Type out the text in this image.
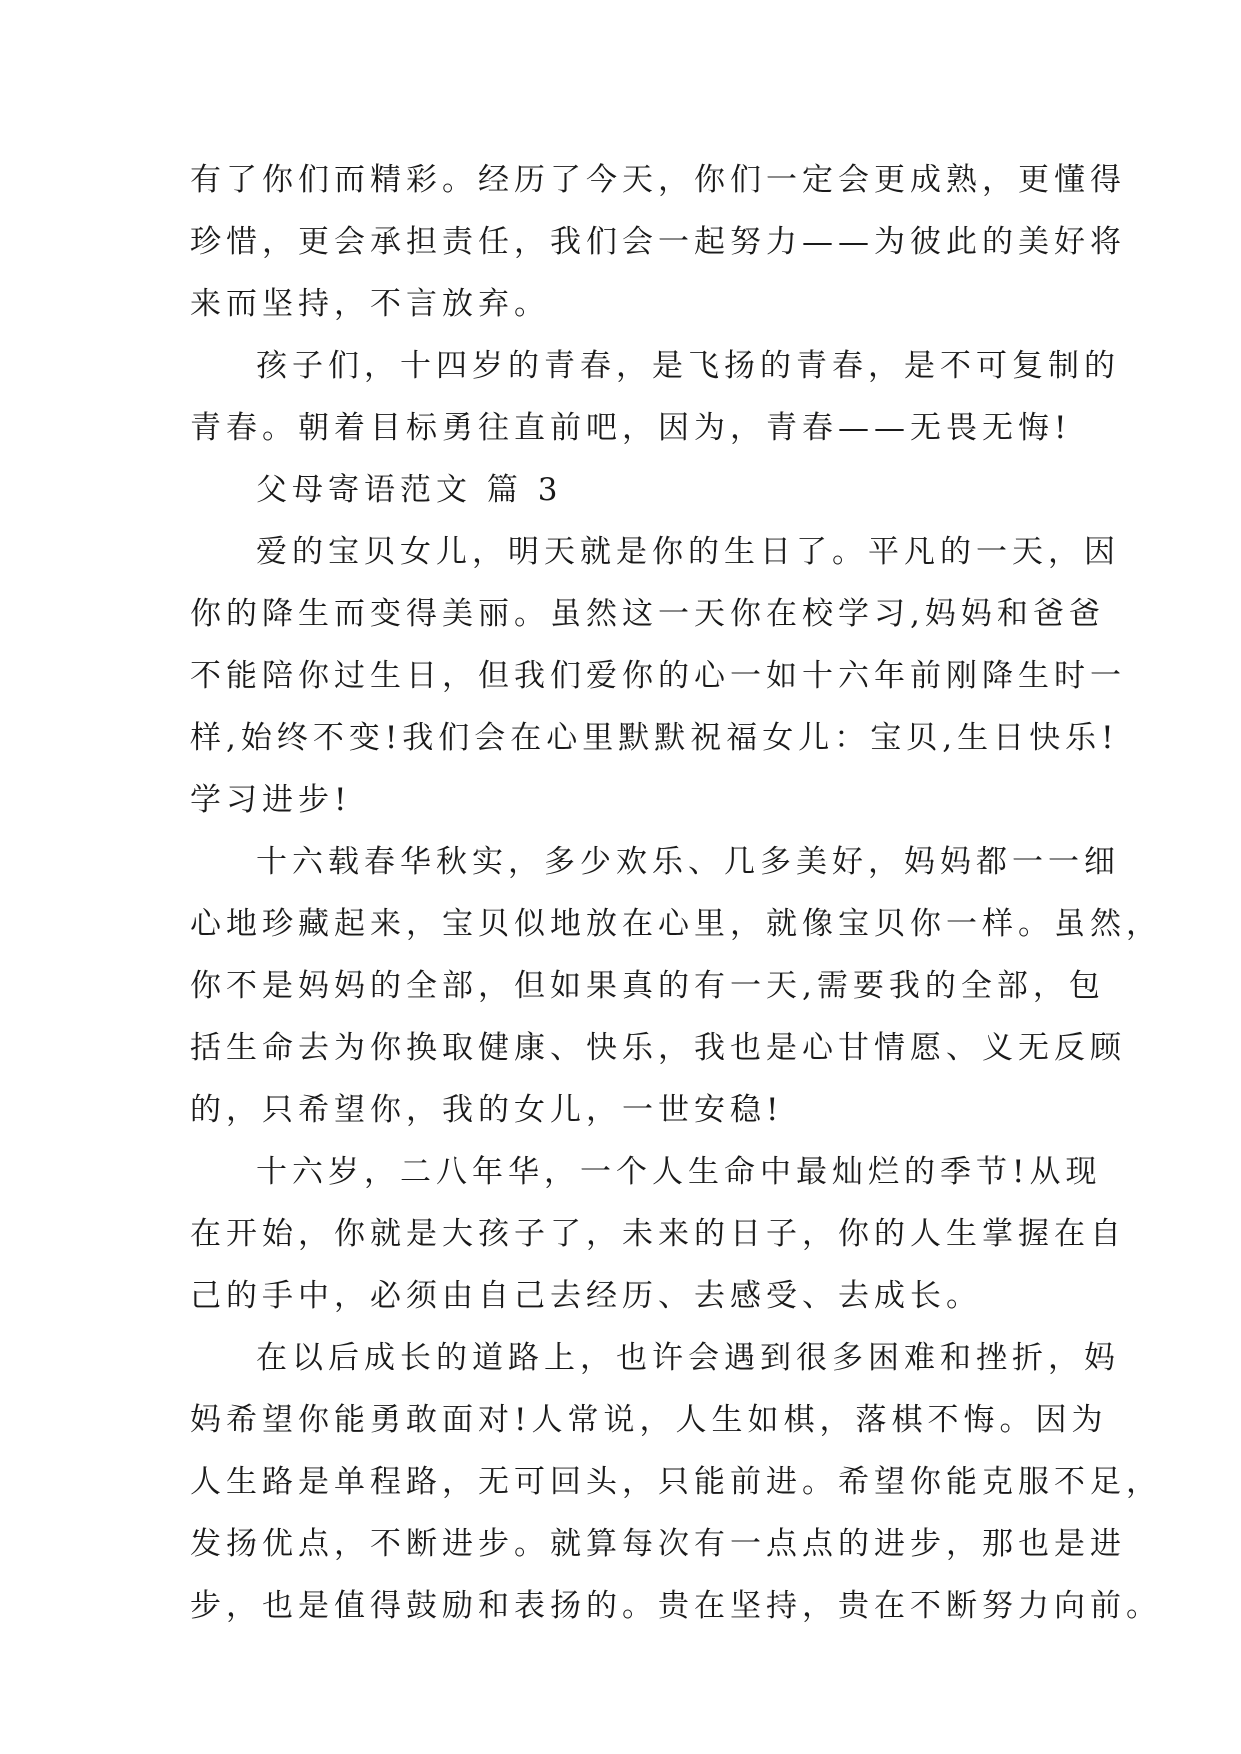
有了你们而精彩。经历了今天，你们一定会更成熟，更懂得
珍惜，更会承担责任，我们会一起努力——为彼此的美好将
来而坚持，不言放弃。
孩子们，十四岁的青春，是飞扬的青春，是不可复制的
青春。朝着目标勇往直前吧，因为，青春——无畏无悔!
父母寄语范文 篇 3
爱的宝贝女儿，明天就是你的生日了。平凡的一天，因
你的降生而变得美丽。虽然这一天你在校学习,妈妈和爸爸
不能陪你过生日，但我们爱你的心一如十六年前刚降生时一
样,始终不变!我们会在心里默默祝福女儿：宝贝,生日快乐!
学习进步!
十六载春华秋实，多少欢乐、几多美好，妈妈都一一细
心地珍藏起来，宝贝似地放在心里，就像宝贝你一样。虽然，
你不是妈妈的全部，但如果真的有一天,需要我的全部，包
括生命去为你换取健康、快乐，我也是心甘情愿、义无反顾
的，只希望你，我的女儿，一世安稳!
十六岁，二八年华，一个人生命中最灿烂的季节!从现
在开始，你就是大孩子了，未来的日子，你的人生掌握在自
己的手中，必须由自己去经历、去感受、去成长。
在以后成长的道路上，也许会遇到很多困难和挫折，妈
妈希望你能勇敢面对!人常说，人生如棋，落棋不悔。因为
人生路是单程路，无可回头，只能前进。希望你能克服不足，
发扬优点，不断进步。就算每次有一点点的进步，那也是进
步，也是值得鼓励和表扬的。贵在坚持，贵在不断努力向前。
